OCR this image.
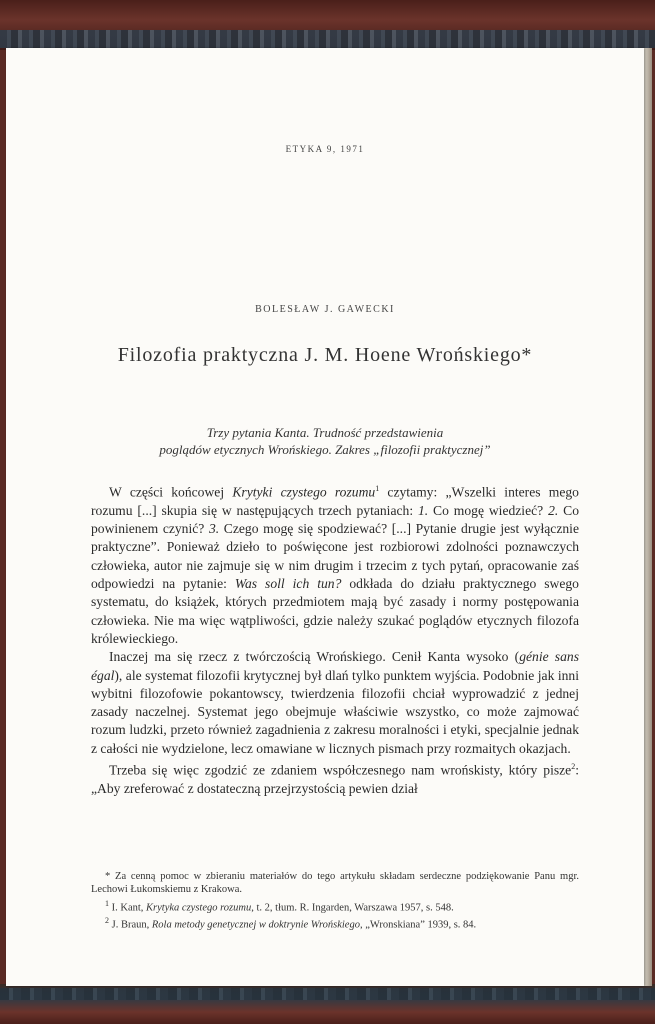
ETYKA 9, 1971
BOLESŁAW J. GAWECKI
Filozofia praktyczna J. M. Hoene Wrońskiego*
Trzy pytania Kanta. Trudność przedstawienia
poglądów etycznych Wrońskiego. Zakres „filozofii praktycznej”

W części końcowej Krytyki czystego rozumu$^1$ czytamy: „Wszelki interes mego rozumu [...] skupia się w następujących trzech pytaniach: 1. Co mogę wiedzieć? 2. Co powinienem czynić? 3. Czego mogę się spodziewać? [...] Pytanie drugie jest wyłącznie praktyczne”. Ponieważ dzieło to poświęcone jest rozbiorowi zdolności poznawczych człowieka, autor nie zajmuje się w nim drugim i trzecim z tych pytań, opracowanie zaś odpowiedzi na pytanie: Was soll ich tun? odkłada do działu praktycznego swego systematu, do książek, których przedmiotem mają być zasady i normy postępowania człowieka. Nie ma więc wątpliwości, gdzie należy szukać poglądów etycznych filozofa królewieckiego.

Inaczej ma się rzecz z twórczością Wrońskiego. Cenił Kanta wysoko (génie sans égal), ale systemat filozofii krytycznej był dlań tylko punktem wyjścia. Podobnie jak inni wybitni filozofowie pokantowscy, twierdzenia filozofii chciał wyprowadzić z jednej zasady naczelnej. Systemat jego obejmuje właściwie wszystko, co może zajmować rozum ludzki, przeto również zagadnienia z zakresu moralności i etyki, specjalnie jednak z całości nie wydzielone, lecz omawiane w licznych pismach przy rozmaitych okazjach.

Trzeba się więc zgodzić ze zdaniem współczesnego nam wrońskisty, który pisze$^2$: „Aby zreferować z dostateczną przejrzystością pewien dział

* Za cenną pomoc w zbieraniu materiałów do tego artykułu składam serdeczne podziękowanie Panu mgr. Lechowi Łukomskiemu z Krakowa.

$^1$ I. Kant, Krytyka czystego rozumu, t. 2, tłum. R. Ingarden, Warszawa 1957, s. 548.

$^2$ J. Braun, Rola metody genetycznej w doktrynie Wrońskiego, „Wronskiana” 1939, s. 84.
